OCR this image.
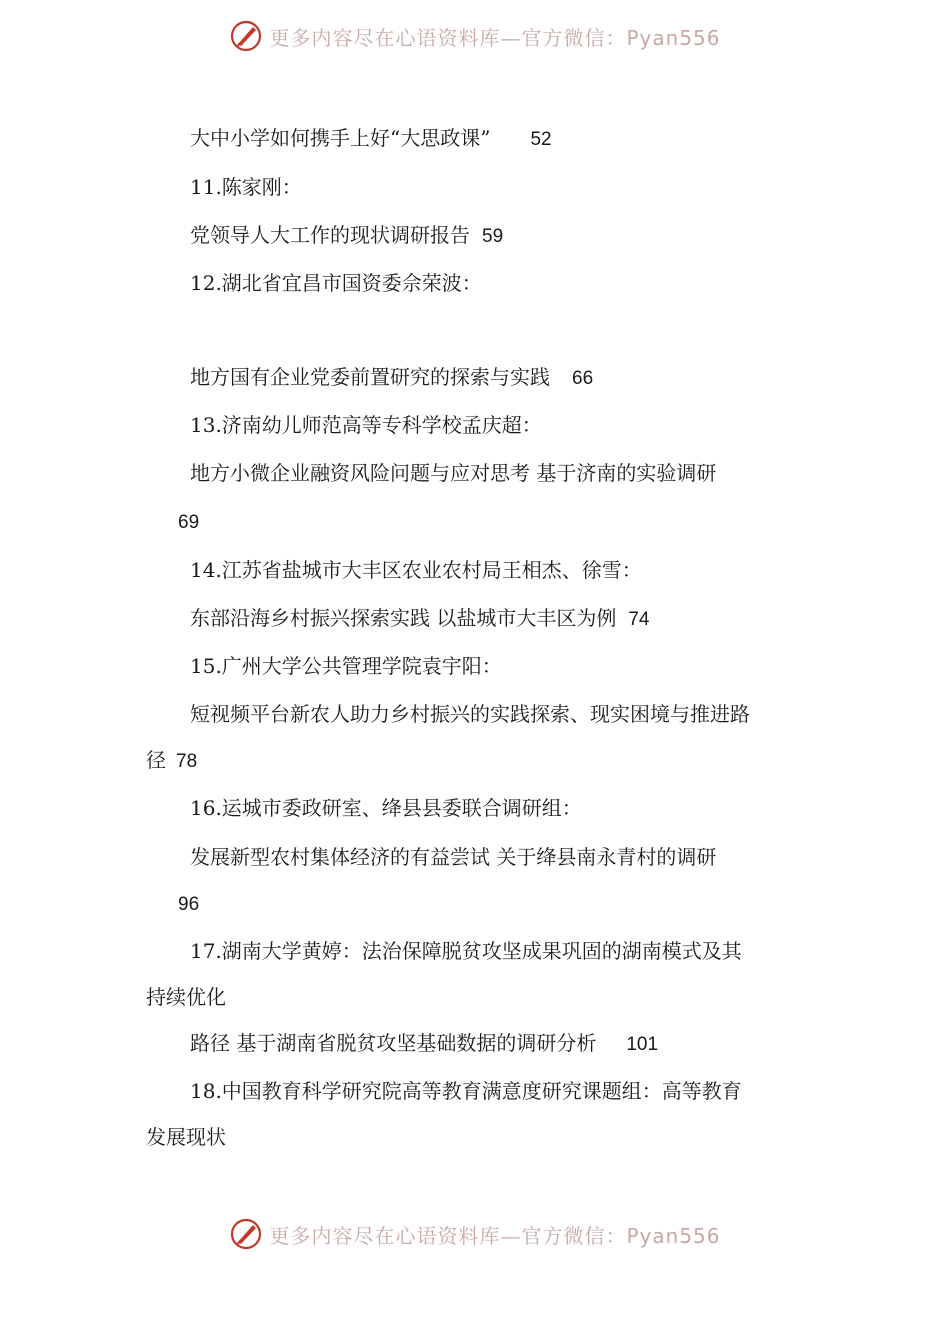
更多内容尽在心语资料库—官方微信：Pyan556
大中小学如何携手上好“大思政课” 52
11.陈家刚：
党领导人大工作的现状调研报告 59
12.湖北省宜昌市国资委佘荣波：
地方国有企业党委前置研究的探索与实践 66
13.济南幼儿师范高等专科学校孟庆超：
地方小微企业融资风险问题与应对思考 基于济南的实验调研
69
14.江苏省盐城市大丰区农业农村局王相杰、徐雪：
东部沿海乡村振兴探索实践 以盐城市大丰区为例 74
15.广州大学公共管理学院袁宇阳：
短视频平台新农人助力乡村振兴的实践探索、现实困境与推进路
径 78
16.运城市委政研室、绛县县委联合调研组：
发展新型农村集体经济的有益尝试 关于绛县南永青村的调研
96
17.湖南大学黄婷：法治保障脱贫攻坚成果巩固的湖南模式及其
持续优化
路径 基于湖南省脱贫攻坚基础数据的调研分析 101
18.中国教育科学研究院高等教育满意度研究课题组：高等教育
发展现状
更多内容尽在心语资料库—官方微信：Pyan556
